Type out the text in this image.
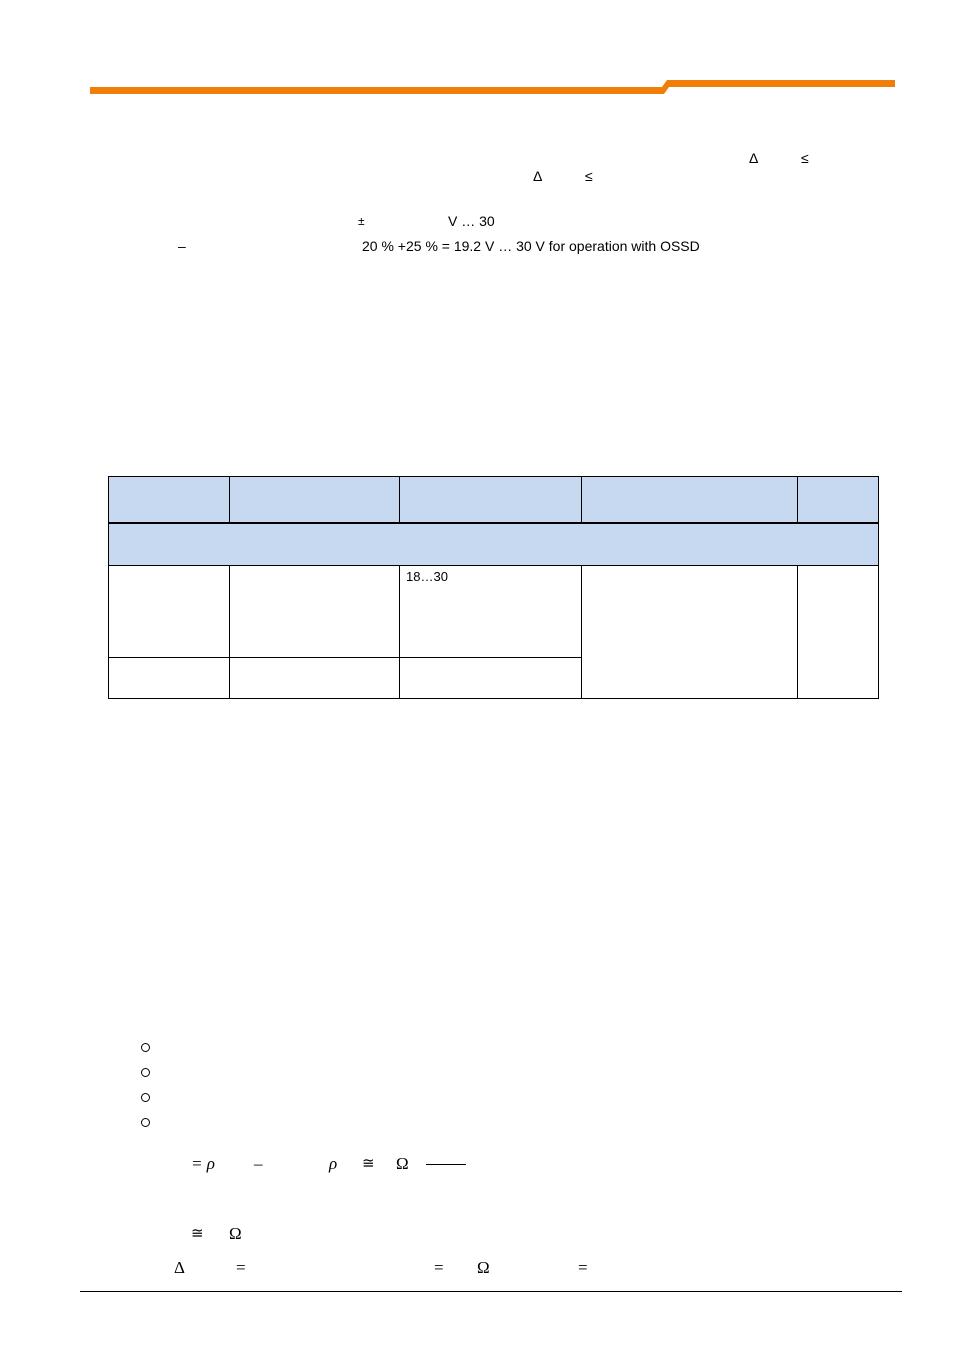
Δ	≤
Δ	≤
±	V … 30
–	20 % +25 % = 19.2 V … 30 V for operation with OSSD

		18…30		

= ρ –	ρ ≅ Ω
≅ Ω
Δ	=	= Ω	=
